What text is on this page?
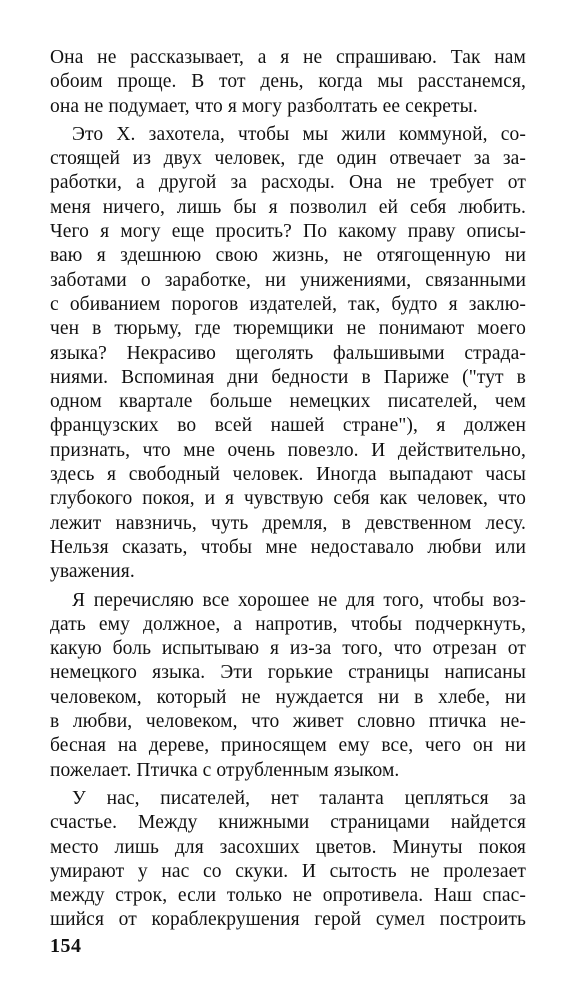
Она не рассказывает, а я не спрашиваю. Так нам
обоим проще. В тот день, когда мы расстанемся,
она не подумает, что я могу разболтать ее секреты.
Это X. захотела, чтобы мы жили коммуной, со-
стоящей из двух человек, где один отвечает за за-
работки, а другой за расходы. Она не требует от
меня ничего, лишь бы я позволил ей себя любить.
Чего я могу еще просить? По какому праву описы-
ваю я здешнюю свою жизнь, не отягощенную ни
заботами о заработке, ни унижениями, связанными
с обиванием порогов издателей, так, будто я заклю-
чен в тюрьму, где тюремщики не понимают моего
языка? Некрасиво щеголять фальшивыми страда-
ниями. Вспоминая дни бедности в Париже ("тут в
одном квартале больше немецких писателей, чем
французских во всей нашей стране"), я должен
признать, что мне очень повезло. И действительно,
здесь я свободный человек. Иногда выпадают часы
глубокого покоя, и я чувствую себя как человек, что
лежит навзничь, чуть дремля, в девственном лесу.
Нельзя сказать, чтобы мне недоставало любви или
уважения.
Я перечисляю все хорошее не для того, чтобы воз-
дать ему должное, а напротив, чтобы подчеркнуть,
какую боль испытываю я из-за того, что отрезан от
немецкого языка. Эти горькие страницы написаны
человеком, который не нуждается ни в хлебе, ни
в любви, человеком, что живет словно птичка не-
бесная на дереве, приносящем ему все, чего он ни
пожелает. Птичка с отрубленным языком.
У нас, писателей, нет таланта цепляться за
счастье. Между книжными страницами найдется
место лишь для засохших цветов. Минуты покоя
умирают у нас со скуки. И сытость не пролезает
между строк, если только не опротивела. Наш спас-
шийся от кораблекрушения герой сумел построить
154
